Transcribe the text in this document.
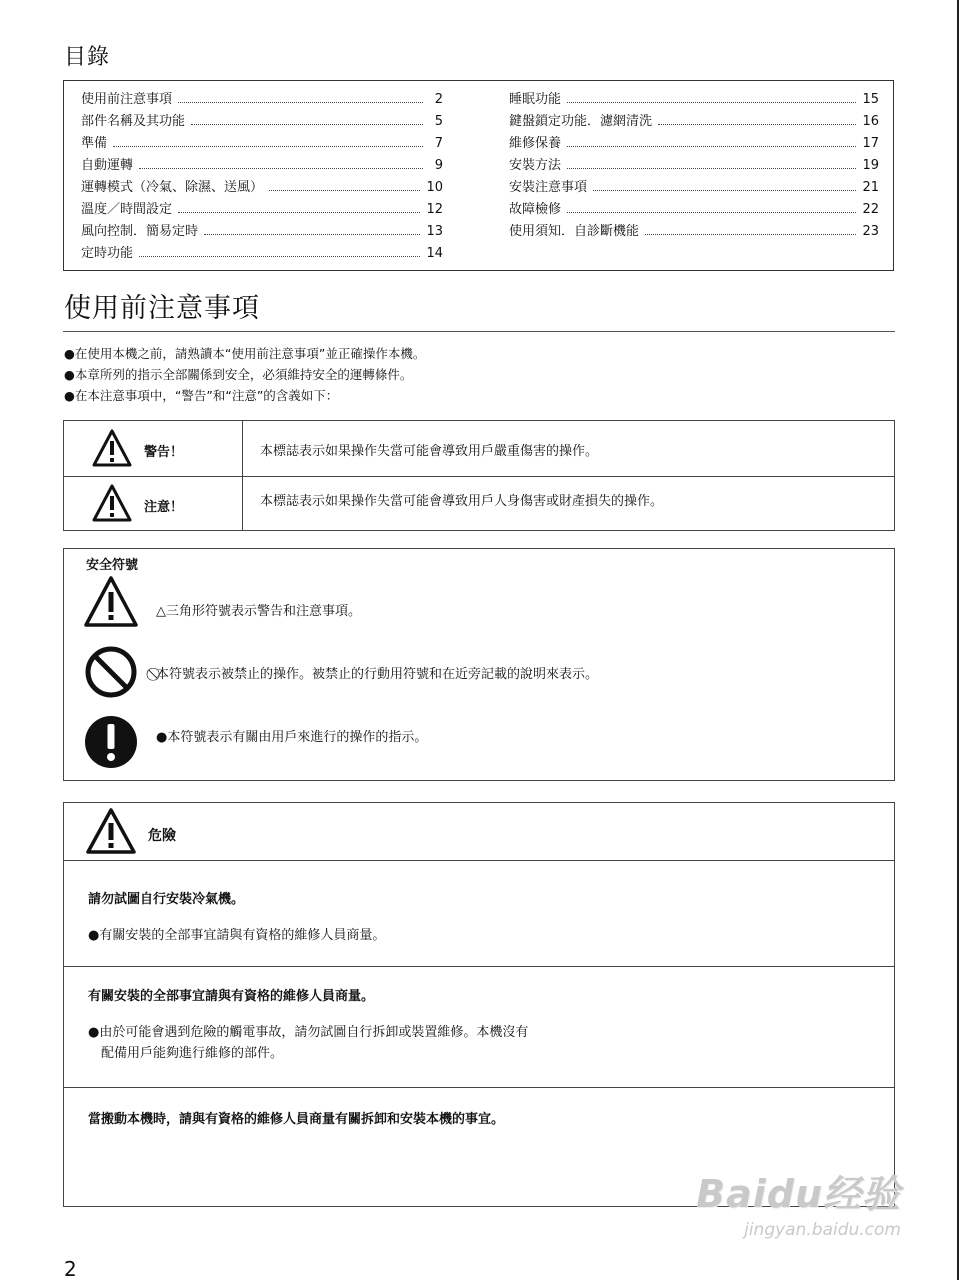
目錄
使用前注意事項	2
部件名稱及其功能	5
準備	7
自動運轉	9
運轉模式（冷氣、除濕、送風）	10
溫度／時間設定	12
風向控制．簡易定時	13
定時功能	14
睡眠功能	15
鍵盤鎖定功能．濾網清洗	16
維修保養	17
安裝方法	19
安裝注意事項	21
故障檢修	22
使用須知．自診斷機能	23
使用前注意事項
●在使用本機之前，請熟讀本“使用前注意事項”並正確操作本機。
●本章所列的指示全部關係到安全，必須維持安全的運轉條件。
●在本注意事項中，“警告”和“注意”的含義如下：
警告！	本標誌表示如果操作失當可能會導致用戶嚴重傷害的操作。
注意！	本標誌表示如果操作失當可能會導致用戶人身傷害或財產損失的操作。
安全符號
△三角形符號表示警告和注意事項。
⃠本符號表示被禁止的操作。被禁止的行動用符號和在近旁記載的說明來表示。
●本符號表示有關由用戶來進行的操作的指示。
危險
請勿試圖自行安裝冷氣機。
●有關安裝的全部事宜請與有資格的維修人員商量。
有關安裝的全部事宜請與有資格的維修人員商量。
●由於可能會遇到危險的觸電事故，請勿試圖自行拆卸或裝置維修。本機沒有
　配備用戶能夠進行維修的部件。
當搬動本機時，請與有資格的維修人員商量有關拆卸和安裝本機的事宜。
Baidu经验
jingyan.baidu.com
2
